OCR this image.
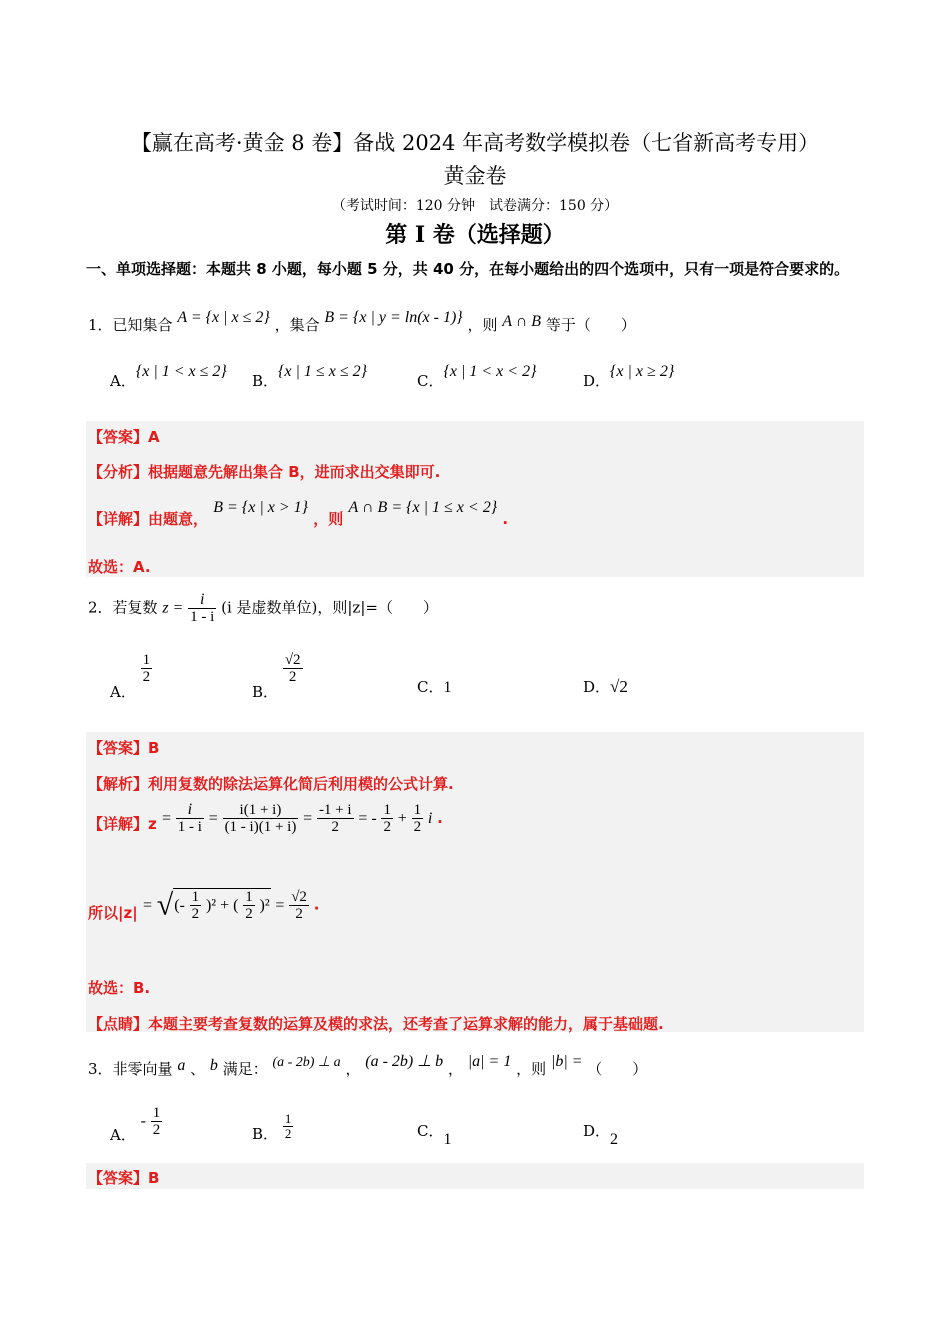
【赢在高考·黄金 8 卷】备战 2024 年高考数学模拟卷（七省新高考专用）
黄金卷
（考试时间：120 分钟　试卷满分：150 分）
第 I 卷（选择题）
一、单项选择题：本题共 8 小题，每小题 5 分，共 40 分，在每小题给出的四个选项中，只有一项是符合要求的。
1．已知集合 A = {x | x ≤ 2} ，集合 B = {x | y = ln(x - 1)} ，则 A ∩ B 等于（　　）
A．{x | 1 < x ≤ 2}
B．{x | 1 ≤ x ≤ 2}
C．{x | 1 < x < 2}
D．{x | x ≥ 2}
【答案】A
【分析】根据题意先解出集合 B，进而求出交集即可.
【详解】由题意， B = {x | x > 1} ，则 A ∩ B = {x | 1 ≤ x < 2} .
故选：A.
2．若复数 $z = \frac{i}{1 - i} (i$ 是虚数单位)，则|z|=（　　）
A．
$\frac{1}{2}$
B．
$\frac{√2}{2}$
C．1	D．√2
【答案】B
【解析】利用复数的除法运算化简后利用模的公式计算.
【详解】$z = \frac{i}{1 - i} = \frac{i(1 + i)}{(1 - i)(1 + i)} = \frac{-1 + i}{2}$ = - $\frac{1}{2} + \frac{1}{2}$ i .
所以|z| = √(- $\frac{1}{2} )^2$ + ( $\frac{1}{2} )^2 = \frac{√2}{2}$ .
故选：B.
【点睛】本题主要考查复数的运算及模的求法，还考查了运算求解的能力，属于基础题.
3．非零向量 a 、 b 满足： (a - 2b) ⊥ a ， (a - 2b) ⊥ b ， |a| = 1 ，则 |b| = （　　）
A． - $\frac{1}{2}$	B． $\frac{1}{2}$	C．1	D．2
【答案】B
